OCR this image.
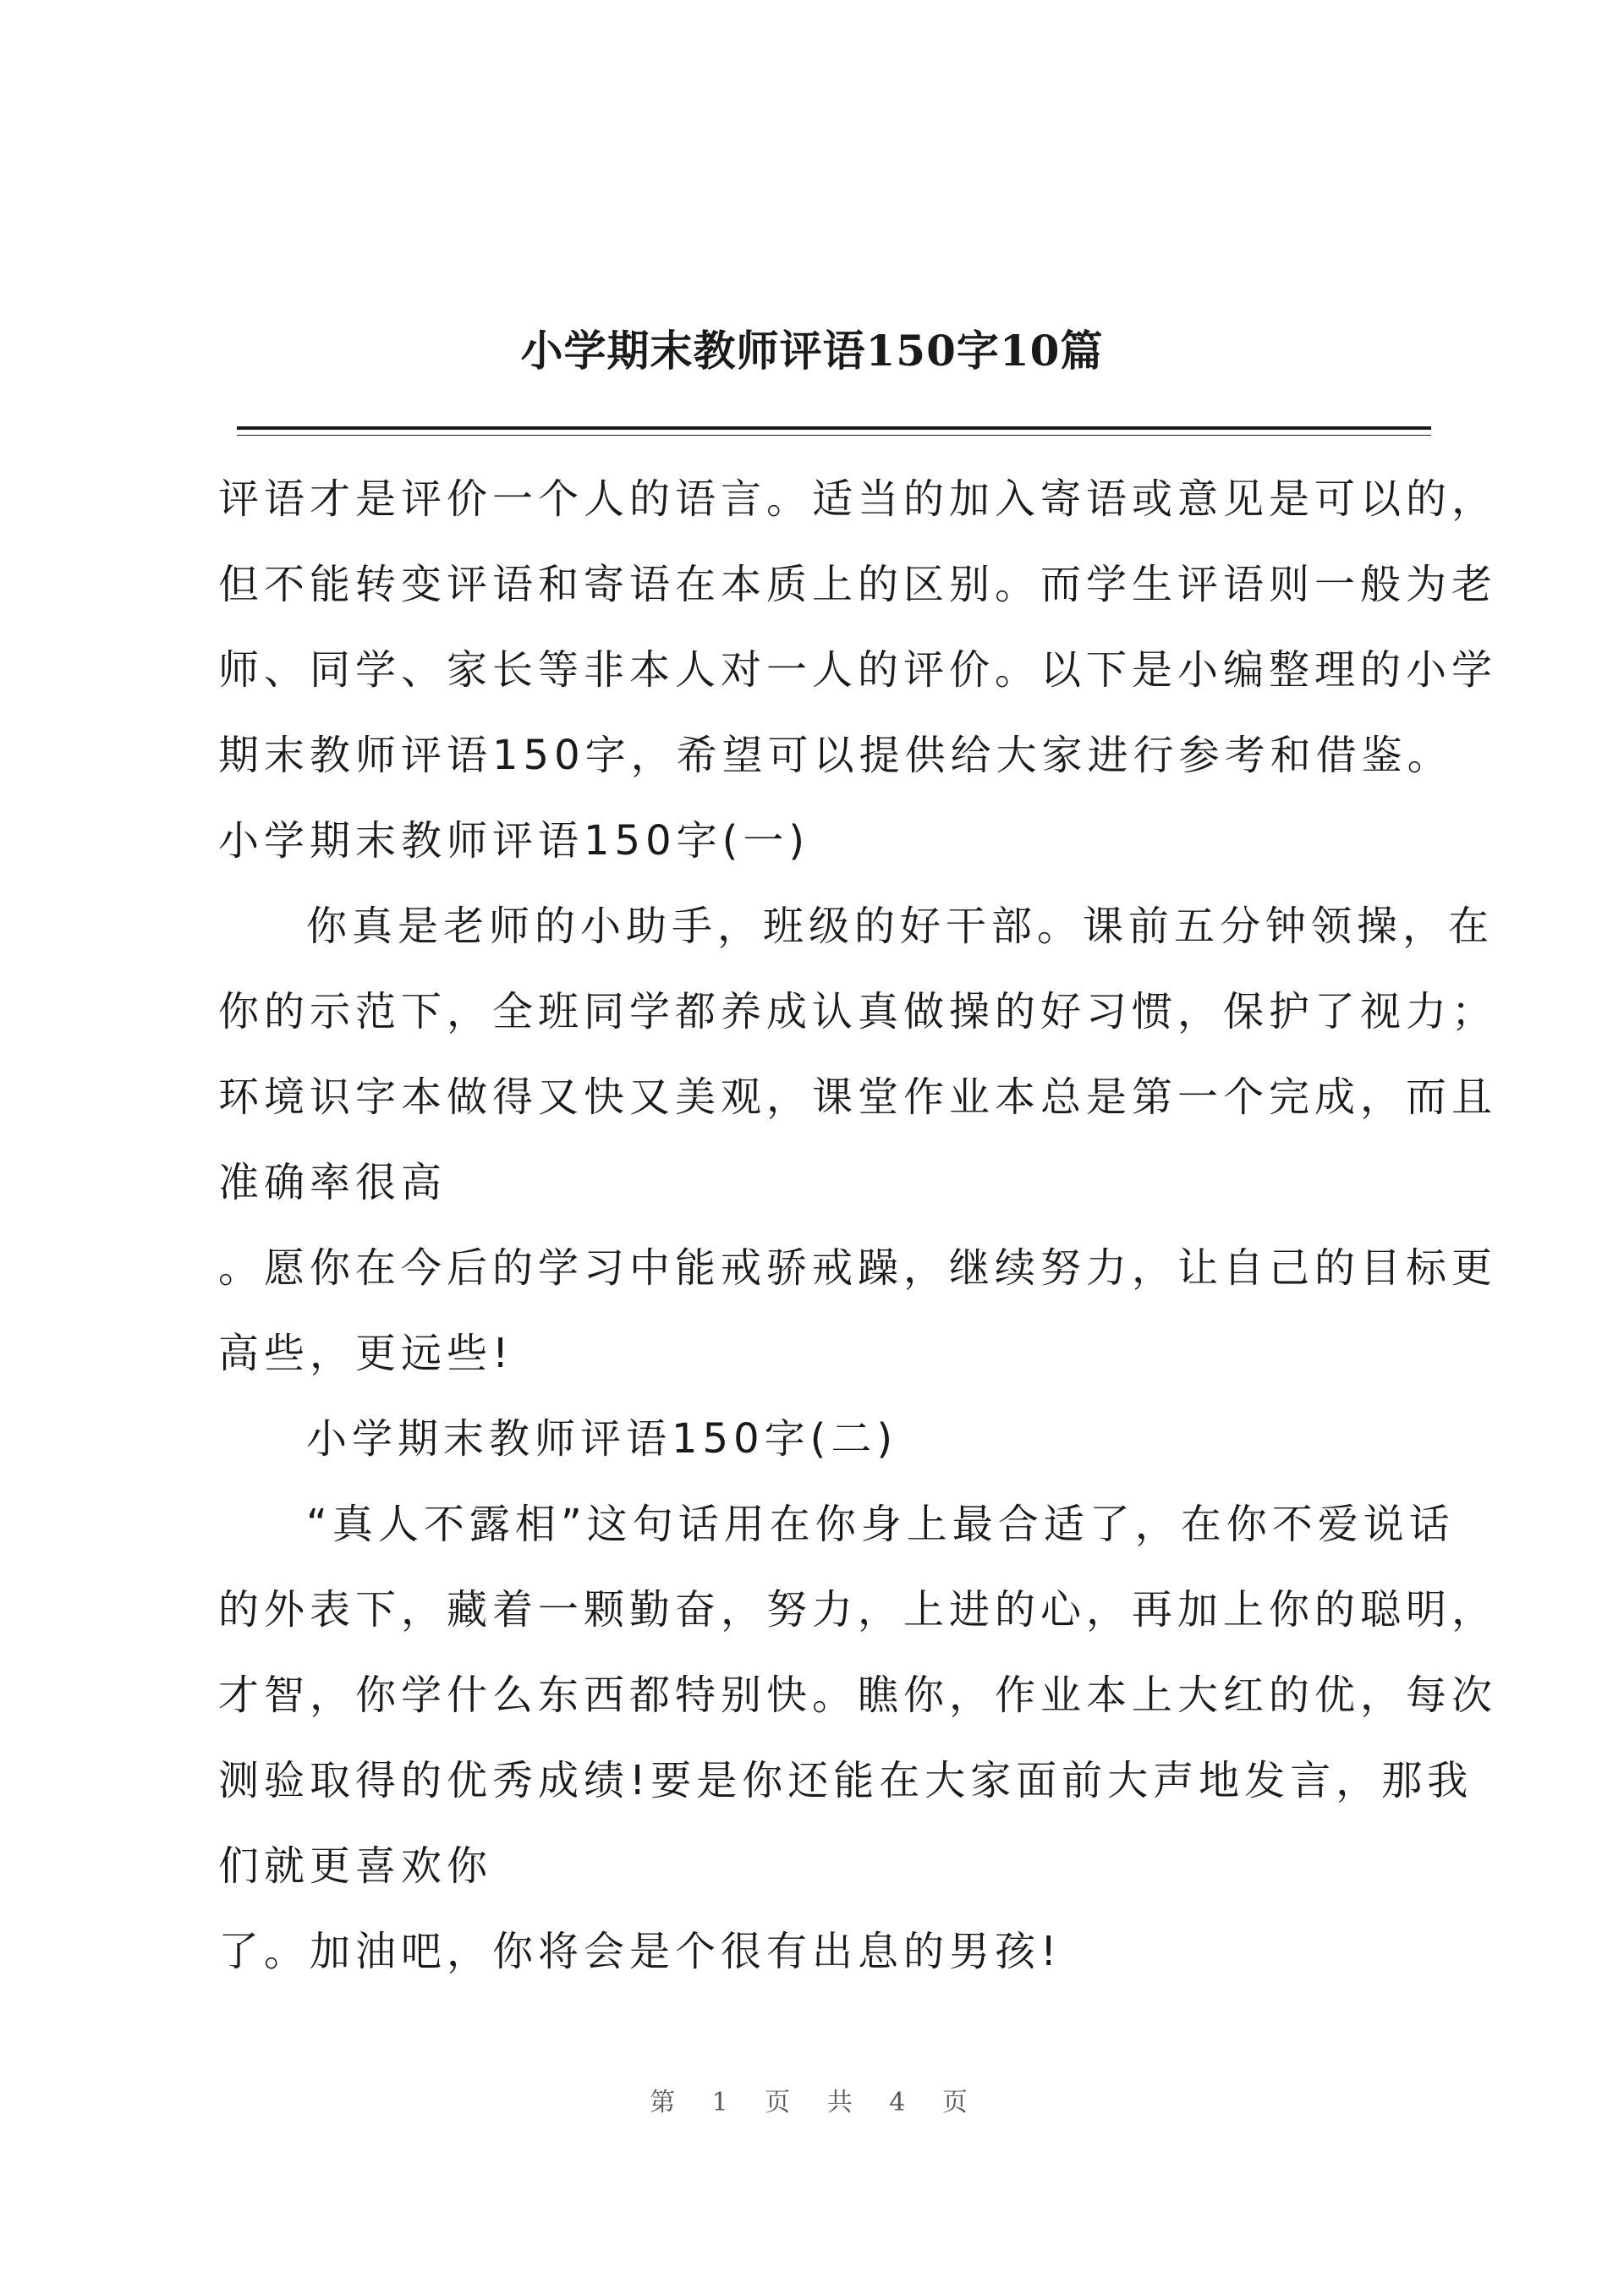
小学期末教师评语150字10篇
评语才是评价一个人的语言。适当的加入寄语或意见是可以的，
但不能转变评语和寄语在本质上的区别。而学生评语则一般为老
师、同学、家长等非本人对一人的评价。以下是小编整理的小学
期末教师评语150字，希望可以提供给大家进行参考和借鉴。
小学期末教师评语150字(一)
你真是老师的小助手，班级的好干部。课前五分钟领操，在
你的示范下，全班同学都养成认真做操的好习惯，保护了视力；
环境识字本做得又快又美观，课堂作业本总是第一个完成，而且
准确率很高
。愿你在今后的学习中能戒骄戒躁，继续努力，让自己的目标更
高些，更远些!
小学期末教师评语150字(二)
“真人不露相”这句话用在你身上最合适了，在你不爱说话
的外表下，藏着一颗勤奋，努力，上进的心，再加上你的聪明，
才智，你学什么东西都特别快。瞧你，作业本上大红的优，每次
测验取得的优秀成绩!要是你还能在大家面前大声地发言，那我
们就更喜欢你
了。加油吧，你将会是个很有出息的男孩!
第 1 页 共 4 页
